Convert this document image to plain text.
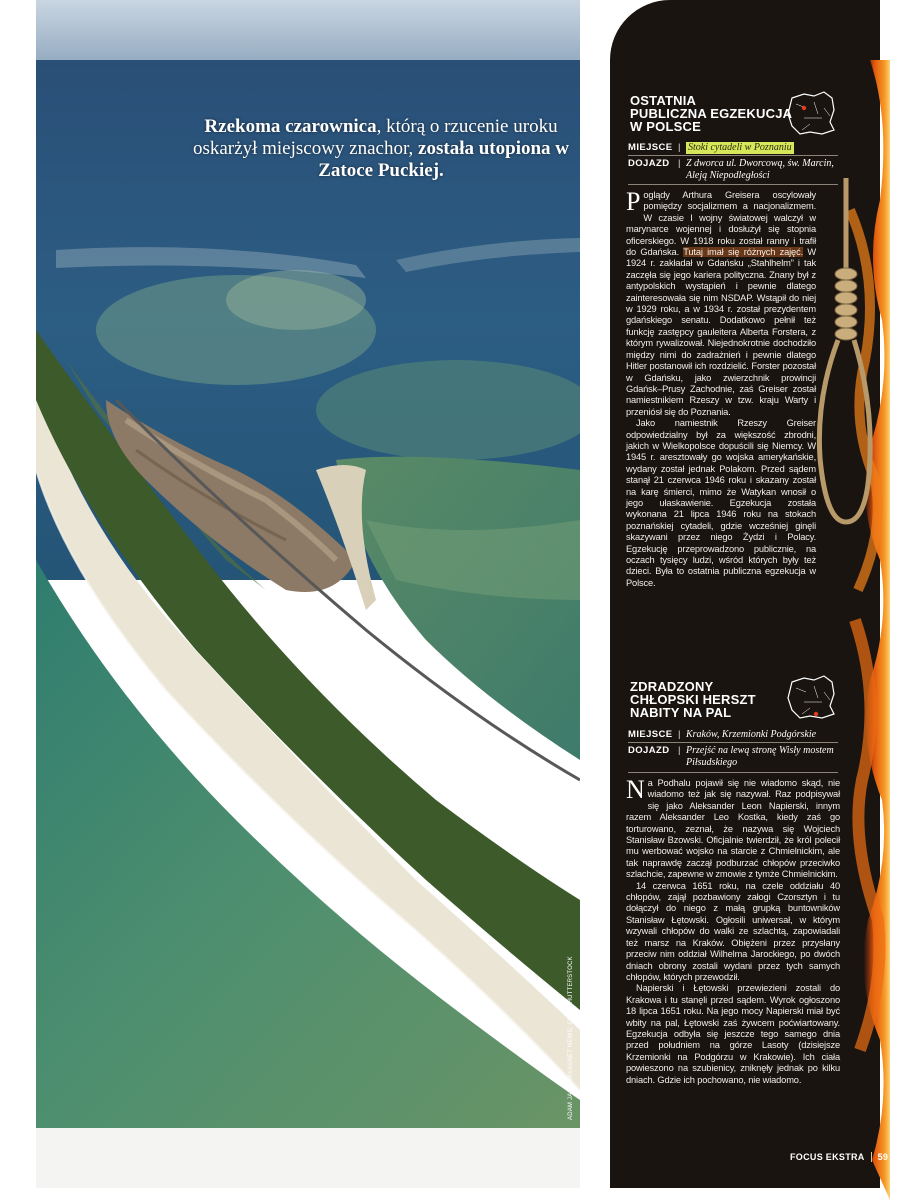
Rzekoma czarownica, którą o rzucenie uroku oskarżył miejscowy znachor, została utopiona w Zatoce Puckiej.
ADAM JASIŃSKI/ASNET NEWS; CNB; SHUTTERSTOCK
OSTATNIA
PUBLICZNA EGZEKUCJA
W POLSCE
MIEJSCE | Stoki cytadeli w Poznaniu
DOJAZD | Z dworca ul. Dworcową, św. Marcin, Aleją Niepodległości

Poglądy Arthura Greisera oscylowały pomiędzy socjalizmem a nacjonalizmem. W czasie I wojny światowej walczył w marynarce wojennej i dosłużył się stopnia oficerskiego. W 1918 roku został ranny i trafił do Gdańska. Tutaj imał się różnych zajęć. W 1924 r. zakładał w Gdańsku „Stahlhelm” i tak zaczęła się jego kariera polityczna. Znany był z antypolskich wystąpień i pewnie dlatego zainteresowała się nim NSDAP. Wstąpił do niej w 1929 roku, a w 1934 r. został prezydentem gdańskiego senatu. Dodatkowo pełnił też funkcję zastępcy gauleitera Alberta Forstera, z którym rywalizował. Niejednokrotnie dochodziło między nimi do zadrażnień i pewnie dlatego Hitler postanowił ich rozdzielić. Forster pozostał w Gdańsku, jako zwierzchnik prowincji Gdańsk–Prusy Zachodnie, zaś Greiser został namiestnikiem Rzeszy w tzw. kraju Warty i przeniósł się do Poznania.

Jako namiestnik Rzeszy Greiser odpowiedzialny był za większość zbrodni, jakich w Wielkopolsce dopuścili się Niemcy. W 1945 r. aresztowały go wojska amerykańskie, wydany został jednak Polakom. Przed sądem stanął 21 czerwca 1946 roku i skazany został na karę śmierci, mimo że Watykan wnosił o jego ułaskawienie. Egzekucja została wykonana 21 lipca 1946 roku na stokach poznańskiej cytadeli, gdzie wcześniej ginęli skazywani przez niego Żydzi i Polacy. Egzekucję przeprowadzono publicznie, na oczach tysięcy ludzi, wśród których były też dzieci. Była to ostatnia publiczna egzekucja w Polsce.

ZDRADZONY
CHŁOPSKI HERSZT
NABITY NA PAL
MIEJSCE | Kraków, Krzemionki Podgórskie
DOJAZD | Przejść na lewą stronę Wisły mostem Piłsudskiego

Na Podhalu pojawił się nie wiadomo skąd, nie wiadomo też jak się nazywał. Raz podpisywał się jako Aleksander Leon Napierski, innym razem Aleksander Leo Kostka, kiedy zaś go torturowano, zeznał, że nazywa się Wojciech Stanisław Bzowski. Oficjalnie twierdził, że król polecił mu werbować wojsko na starcie z Chmielnickim, ale tak naprawdę zaczął podburzać chłopów przeciwko szlachcie, zapewne w zmowie z tymże Chmielnickim.

14 czerwca 1651 roku, na czele oddziału 40 chłopów, zajął pozbawiony załogi Czorsztyn i tu dołączył do niego z małą grupką buntowników Stanisław Łętowski. Ogłosili uniwersał, w którym wzywali chłopów do walki ze szlachtą, zapowiadali też marsz na Kraków. Obiężeni przez przysłany przeciw nim oddział Wilhelma Jarockiego, po dwóch dniach obrony zostali wydani przez tych samych chłopów, których przewodził.

Napierski i Łętowski przewiezieni zostali do Krakowa i tu stanęli przed sądem. Wyrok ogłoszono 18 lipca 1651 roku. Na jego mocy Napierski miał być wbity na pal, Łętowski zaś żywcem poćwiartowany. Egzekucja odbyła się jeszcze tego samego dnia przed południem na górze Lasoty (dzisiejsze Krzemionki na Podgórzu w Krakowie). Ich ciała powieszono na szubienicy, zniknęły jednak po kilku dniach. Gdzie ich pochowano, nie wiadomo.

FOCUS EKSTRA 59
